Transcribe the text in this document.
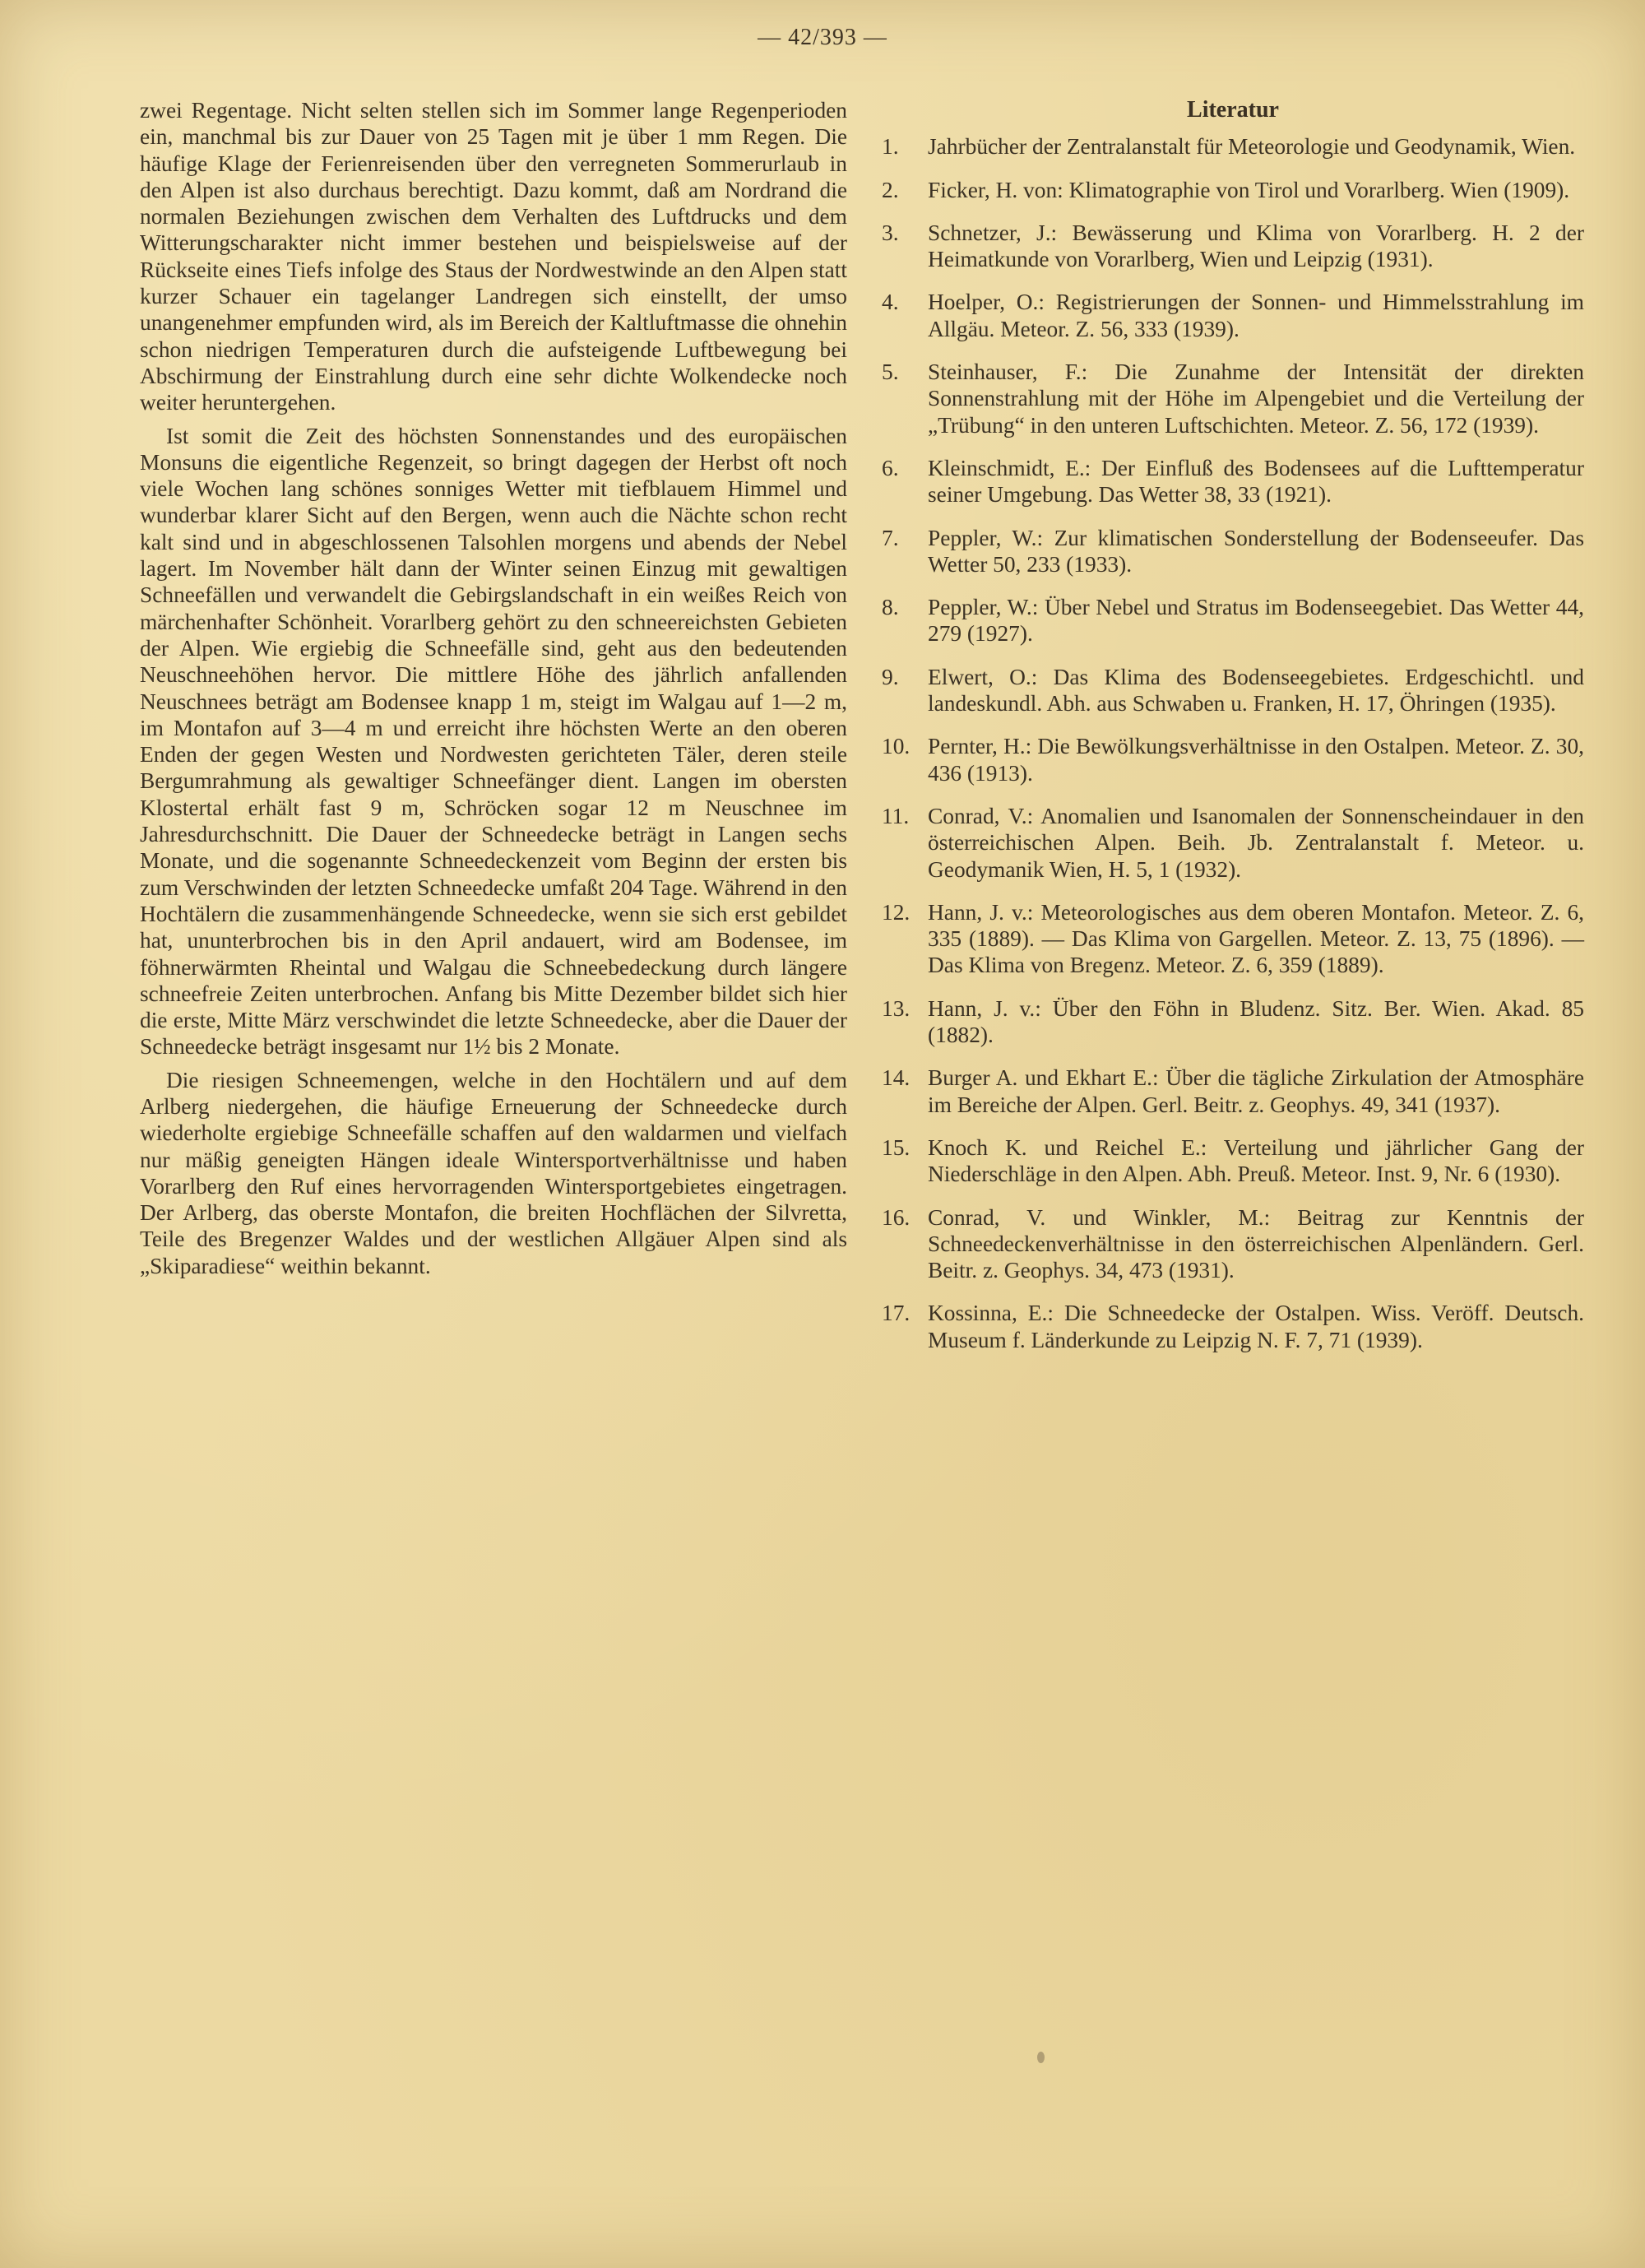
— 42/393 —

zwei Regentage. Nicht selten stellen sich im Sommer lange Regenperioden ein, manchmal bis zur Dauer von 25 Tagen mit je über 1 mm Regen. Die häufige Klage der Ferienreisenden über den verregneten Sommerurlaub in den Alpen ist also durchaus berechtigt. Dazu kommt, daß am Nordrand die normalen Beziehungen zwischen dem Verhalten des Luftdrucks und dem Witterungscharakter nicht immer bestehen und beispielsweise auf der Rückseite eines Tiefs infolge des Staus der Nordwestwinde an den Alpen statt kurzer Schauer ein tagelanger Landregen sich einstellt, der umso unangenehmer empfunden wird, als im Bereich der Kaltluftmasse die ohnehin schon niedrigen Temperaturen durch die aufsteigende Luftbewegung bei Abschirmung der Einstrahlung durch eine sehr dichte Wolkendecke noch weiter heruntergehen.

Ist somit die Zeit des höchsten Sonnenstandes und des europäischen Monsuns die eigentliche Regenzeit, so bringt dagegen der Herbst oft noch viele Wochen lang schönes sonniges Wetter mit tiefblauem Himmel und wunderbar klarer Sicht auf den Bergen, wenn auch die Nächte schon recht kalt sind und in abgeschlossenen Talsohlen morgens und abends der Nebel lagert. Im November hält dann der Winter seinen Einzug mit gewaltigen Schneefällen und verwandelt die Gebirgslandschaft in ein weißes Reich von märchenhafter Schönheit. Vorarlberg gehört zu den schneereichsten Gebieten der Alpen. Wie ergiebig die Schneefälle sind, geht aus den bedeutenden Neuschneehöhen hervor. Die mittlere Höhe des jährlich anfallenden Neuschnees beträgt am Bodensee knapp 1 m, steigt im Walgau auf 1—2 m, im Montafon auf 3—4 m und erreicht ihre höchsten Werte an den oberen Enden der gegen Westen und Nordwesten gerichteten Täler, deren steile Bergumrahmung als gewaltiger Schneefänger dient. Langen im obersten Klostertal erhält fast 9 m, Schröcken sogar 12 m Neuschnee im Jahresdurchschnitt. Die Dauer der Schneedecke beträgt in Langen sechs Monate, und die sogenannte Schneedeckenzeit vom Beginn der ersten bis zum Verschwinden der letzten Schneedecke umfaßt 204 Tage. Während in den Hochtälern die zusammenhängende Schneedecke, wenn sie sich erst gebildet hat, ununterbrochen bis in den April andauert, wird am Bodensee, im föhnerwärmten Rheintal und Walgau die Schneebedeckung durch längere schneefreie Zeiten unterbrochen. Anfang bis Mitte Dezember bildet sich hier die erste, Mitte März verschwindet die letzte Schneedecke, aber die Dauer der Schneedecke beträgt insgesamt nur 1½ bis 2 Monate.

Die riesigen Schneemengen, welche in den Hochtälern und auf dem Arlberg niedergehen, die häufige Erneuerung der Schneedecke durch wiederholte ergiebige Schneefälle schaffen auf den waldarmen und vielfach nur mäßig geneigten Hängen ideale Wintersportverhältnisse und haben Vorarlberg den Ruf eines hervorragenden Wintersportgebietes eingetragen. Der Arlberg, das oberste Montafon, die breiten Hochflächen der Silvretta, Teile des Bregenzer Waldes und der westlichen Allgäuer Alpen sind als „Skiparadiese“ weithin bekannt.

Literatur
1.	Jahrbücher der Zentralanstalt für Meteorologie und Geodynamik, Wien.
2.	Ficker, H. von: Klimatographie von Tirol und Vorarlberg. Wien (1909).
3.	Schnetzer, J.: Bewässerung und Klima von Vorarlberg. H. 2 der Heimatkunde von Vorarlberg, Wien und Leipzig (1931).
4.	Hoelper, O.: Registrierungen der Sonnen- und Himmelsstrahlung im Allgäu. Meteor. Z. 56, 333 (1939).
5.	Steinhauser, F.: Die Zunahme der Intensität der direkten Sonnenstrahlung mit der Höhe im Alpengebiet und die Verteilung der „Trübung“ in den unteren Luftschichten. Meteor. Z. 56, 172 (1939).
6.	Kleinschmidt, E.: Der Einfluß des Bodensees auf die Lufttemperatur seiner Umgebung. Das Wetter 38, 33 (1921).
7.	Peppler, W.: Zur klimatischen Sonderstellung der Bodenseeufer. Das Wetter 50, 233 (1933).
8.	Peppler, W.: Über Nebel und Stratus im Bodenseegebiet. Das Wetter 44, 279 (1927).
9.	Elwert, O.: Das Klima des Bodenseegebietes. Erdgeschichtl. und landeskundl. Abh. aus Schwaben u. Franken, H. 17, Öhringen (1935).
10. Pernter, H.: Die Bewölkungsverhältnisse in den Ostalpen. Meteor. Z. 30, 436 (1913).
11. Conrad, V.: Anomalien und Isanomalen der Sonnenscheindauer in den österreichischen Alpen. Beih. Jb. Zentralanstalt f. Meteor. u. Geodymanik Wien, H. 5, 1 (1932).
12. Hann, J. v.: Meteorologisches aus dem oberen Montafon. Meteor. Z. 6, 335 (1889). — Das Klima von Gargellen. Meteor. Z. 13, 75 (1896). — Das Klima von Bregenz. Meteor. Z. 6, 359 (1889).
13. Hann, J. v.: Über den Föhn in Bludenz. Sitz. Ber. Wien. Akad. 85 (1882).
14. Burger A. und Ekhart E.: Über die tägliche Zirkulation der Atmosphäre im Bereiche der Alpen. Gerl. Beitr. z. Geophys. 49, 341 (1937).
15. Knoch K. und Reichel E.: Verteilung und jährlicher Gang der Niederschläge in den Alpen. Abh. Preuß. Meteor. Inst. 9, Nr. 6 (1930).
16. Conrad, V. und Winkler, M.: Beitrag zur Kenntnis der Schneedeckenverhältnisse in den österreichischen Alpenländern. Gerl. Beitr. z. Geophys. 34, 473 (1931).
17. Kossinna, E.: Die Schneedecke der Ostalpen. Wiss. Veröff. Deutsch. Museum f. Länderkunde zu Leipzig N. F. 7, 71 (1939).
